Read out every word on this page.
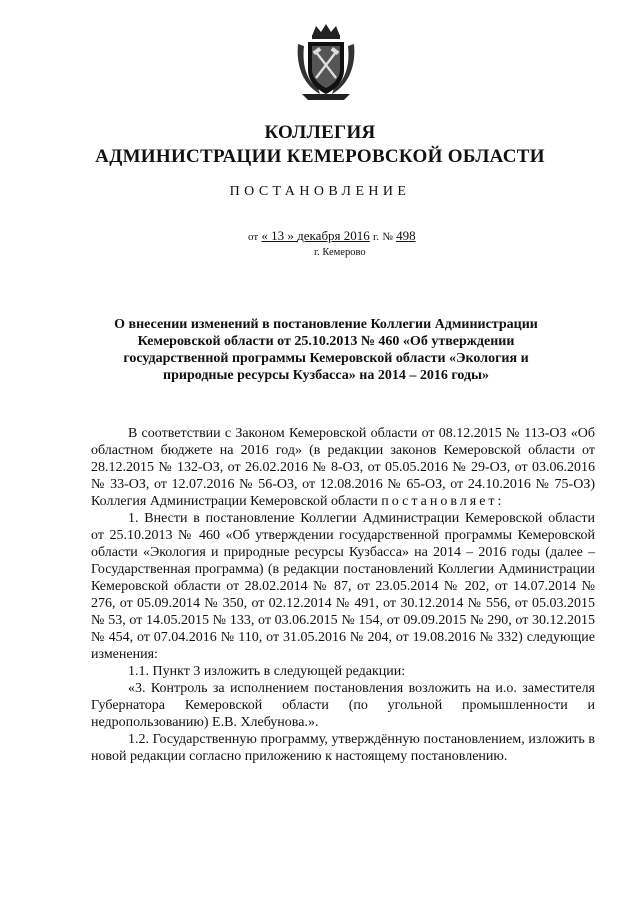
КОЛЛЕГИЯ
АДМИНИСТРАЦИИ КЕМЕРОВСКОЙ ОБЛАСТИ
ПОСТАНОВЛЕНИЕ
от « 13 » декабря 2016 г. № 498
г. Кемерово
О внесении изменений в постановление Коллегии Администрации Кемеровской области от 25.10.2013 № 460 «Об утверждении государственной программы Кемеровской области «Экология и природные ресурсы Кузбасса» на 2014 – 2016 годы»

В соответствии с Законом Кемеровской области от 08.12.2015 № 113-ОЗ «Об областном бюджете на 2016 год» (в редакции законов Кемеровской области от 28.12.2015 № 132-ОЗ, от 26.02.2016 № 8-ОЗ, от 05.05.2016 № 29-ОЗ, от 03.06.2016 № 33-ОЗ, от 12.07.2016 № 56-ОЗ, от 12.08.2016 № 65-ОЗ, от 24.10.2016 № 75-ОЗ) Коллегия Администрации Кемеровской области постановляет:

1. Внести в постановление Коллегии Администрации Кемеровской области от 25.10.2013 № 460 «Об утверждении государственной программы Кемеровской области «Экология и природные ресурсы Кузбасса» на 2014 – 2016 годы (далее – Государственная программа) (в редакции постановлений Коллегии Администрации Кемеровской области от 28.02.2014 № 87, от 23.05.2014 № 202, от 14.07.2014 № 276, от 05.09.2014 № 350, от 02.12.2014 № 491, от 30.12.2014 № 556, от 05.03.2015 № 53, от 14.05.2015 № 133, от 03.06.2015 № 154, от 09.09.2015 № 290, от 30.12.2015 № 454, от 07.04.2016 № 110, от 31.05.2016 № 204, от 19.08.2016 № 332) следующие изменения:

1.1. Пункт 3 изложить в следующей редакции:

«3. Контроль за исполнением постановления возложить на и.о. заместителя Губернатора Кемеровской области (по угольной промышленности и недропользованию) Е.В. Хлебунова.».

1.2. Государственную программу, утверждённую постановлением, изложить в новой редакции согласно приложению к настоящему постановлению.
